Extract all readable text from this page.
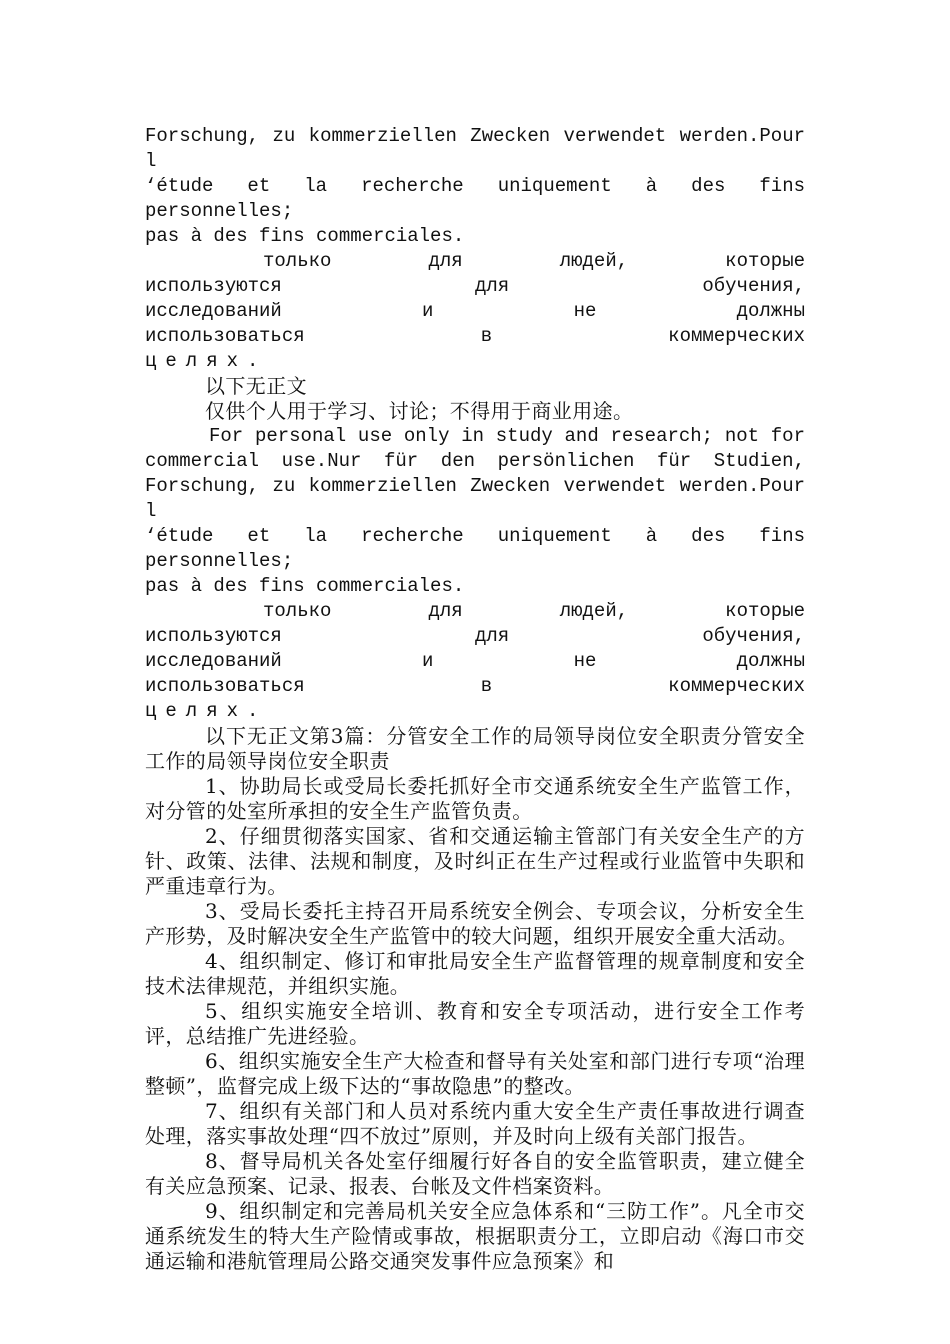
Forschung, zu kommerziellen Zwecken verwendet werden.Pour l

‘étude et la recherche uniquement à des fins personnelles;

pas à des fins commerciales.

только для людей, которые

используются для обучения,

исследований и не должны

использоваться в коммерческих

целях.

以下无正文

仅供个人用于学习、讨论；不得用于商业用途。

For personal use only in study and research; not for

commercial use.Nur für den persönlichen für Studien,

Forschung, zu kommerziellen Zwecken verwendet werden.Pour l

‘étude et la recherche uniquement à des fins personnelles;

pas à des fins commerciales.

только для людей, которые

используются для обучения,

исследований и не должны

использоваться в коммерческих

целях.

以下无正文第3篇：分管安全工作的局领导岗位安全职责分管安全工作的局领导岗位安全职责

1、协助局长或受局长委托抓好全市交通系统安全生产监管工作，对分管的处室所承担的安全生产监管负责。

2、仔细贯彻落实国家、省和交通运输主管部门有关安全生产的方针、政策、法律、法规和制度，及时纠正在生产过程或行业监管中失职和严重违章行为。

3、受局长委托主持召开局系统安全例会、专项会议，分析安全生产形势，及时解决安全生产监管中的较大问题，组织开展安全重大活动。

4、组织制定、修订和审批局安全生产监督管理的规章制度和安全技术法律规范，并组织实施。

5、组织实施安全培训、教育和安全专项活动，进行安全工作考评，总结推广先进经验。

6、组织实施安全生产大检查和督导有关处室和部门进行专项“治理整顿”，监督完成上级下达的“事故隐患”的整改。

7、组织有关部门和人员对系统内重大安全生产责任事故进行调查处理，落实事故处理“四不放过”原则，并及时向上级有关部门报告。

8、督导局机关各处室仔细履行好各自的安全监管职责，建立健全有关应急预案、记录、报表、台帐及文件档案资料。

9、组织制定和完善局机关安全应急体系和“三防工作”。凡全市交通系统发生的特大生产险情或事故，根据职责分工，立即启动《海口市交通运输和港航管理局公路交通突发事件应急预案》和
